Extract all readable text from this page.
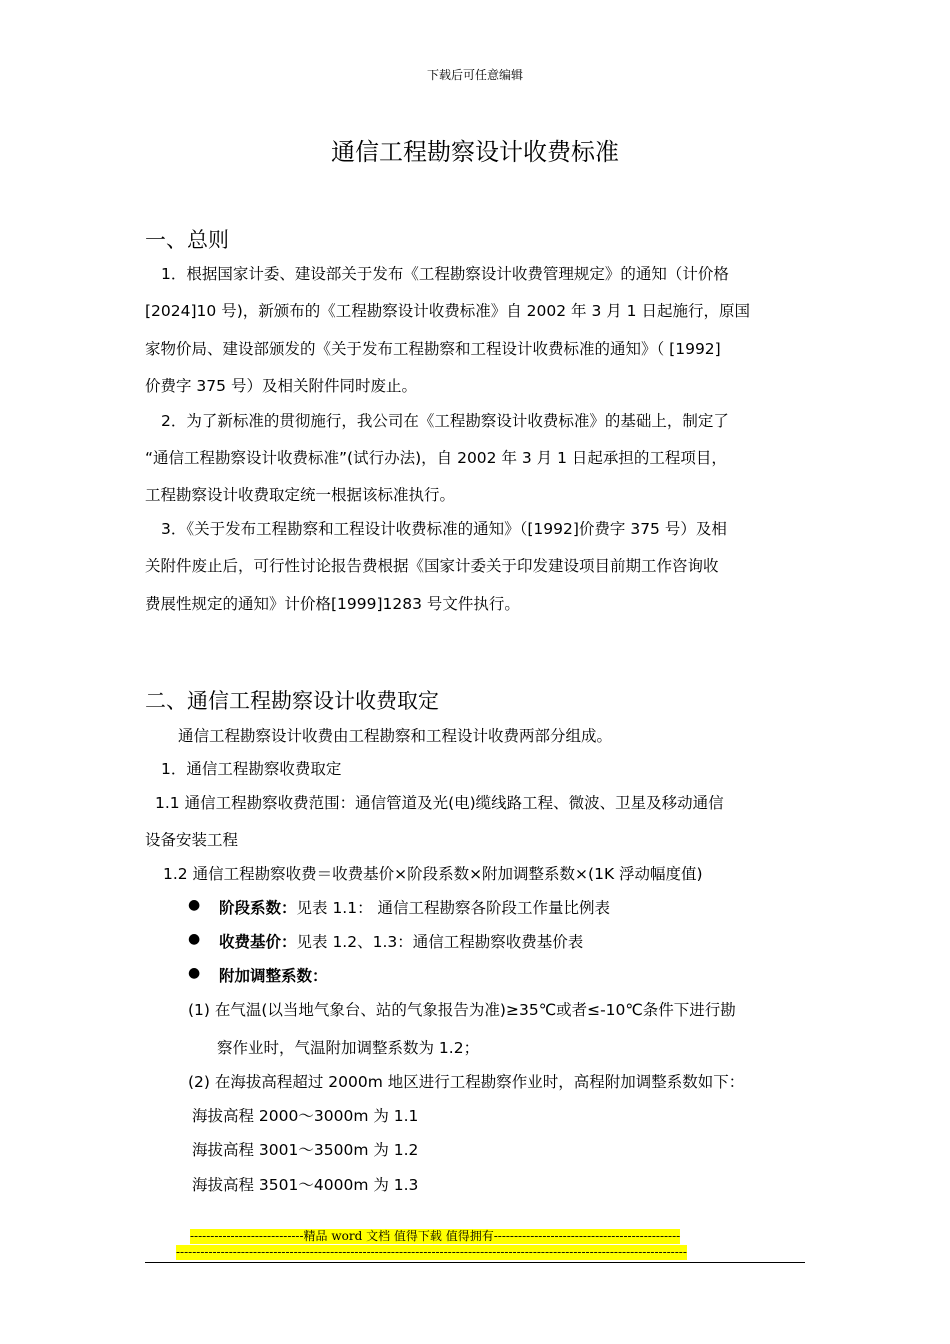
下载后可任意编辑
通信工程勘察设计收费标准
一、总则
1．根据国家计委、建设部关于发布《工程勘察设计收费管理规定》的通知（计价格
[2024]10 号)，新颁布的《工程勘察设计收费标准》自 2002 年 3 月 1 日起施行，原国
家物价局、建设部颁发的《关于发布工程勘察和工程设计收费标准的通知》（ [1992]
价费字 375 号）及相关附件同时废止。
2．为了新标准的贯彻施行，我公司在《工程勘察设计收费标准》的基础上，制定了
“通信工程勘察设计收费标准”(试行办法)，自 2002 年 3 月 1 日起承担的工程项目，
工程勘察设计收费取定统一根据该标准执行。
3．《关于发布工程勘察和工程设计收费标准的通知》（[1992]价费字 375 号）及相
关附件废止后，可行性讨论报告费根据《国家计委关于印发建设项目前期工作咨询收
费展性规定的通知》计价格[1999]1283 号文件执行。
二、通信工程勘察设计收费取定
通信工程勘察设计收费由工程勘察和工程设计收费两部分组成。
1．通信工程勘察收费取定
1.1 通信工程勘察收费范围：通信管道及光(电)缆线路工程、微波、卫星及移动通信
设备安装工程
1.2 通信工程勘察收费＝收费基价×阶段系数×附加调整系数×(1K 浮动幅度值)
● 阶段系数：见表 1.1： 通信工程勘察各阶段工作量比例表
● 收费基价：见表 1.2、1.3：通信工程勘察收费基价表
● 附加调整系数：
(1) 在气温(以当地气象台、站的气象报告为准)≥35℃或者≤-10℃条件下进行勘
察作业时，气温附加调整系数为 1.2；
(2) 在海拔高程超过 2000m 地区进行工程勘察作业时，高程附加调整系数如下：
海拔高程 2000～3000m 为 1.1
海拔高程 3001～3500m 为 1.2
海拔高程 3501～4000m 为 1.3
----------------------------精品 word 文档 值得下载 值得拥有----------------------------------------------
------------------------------------------------------------------------------------------------------------------------------
